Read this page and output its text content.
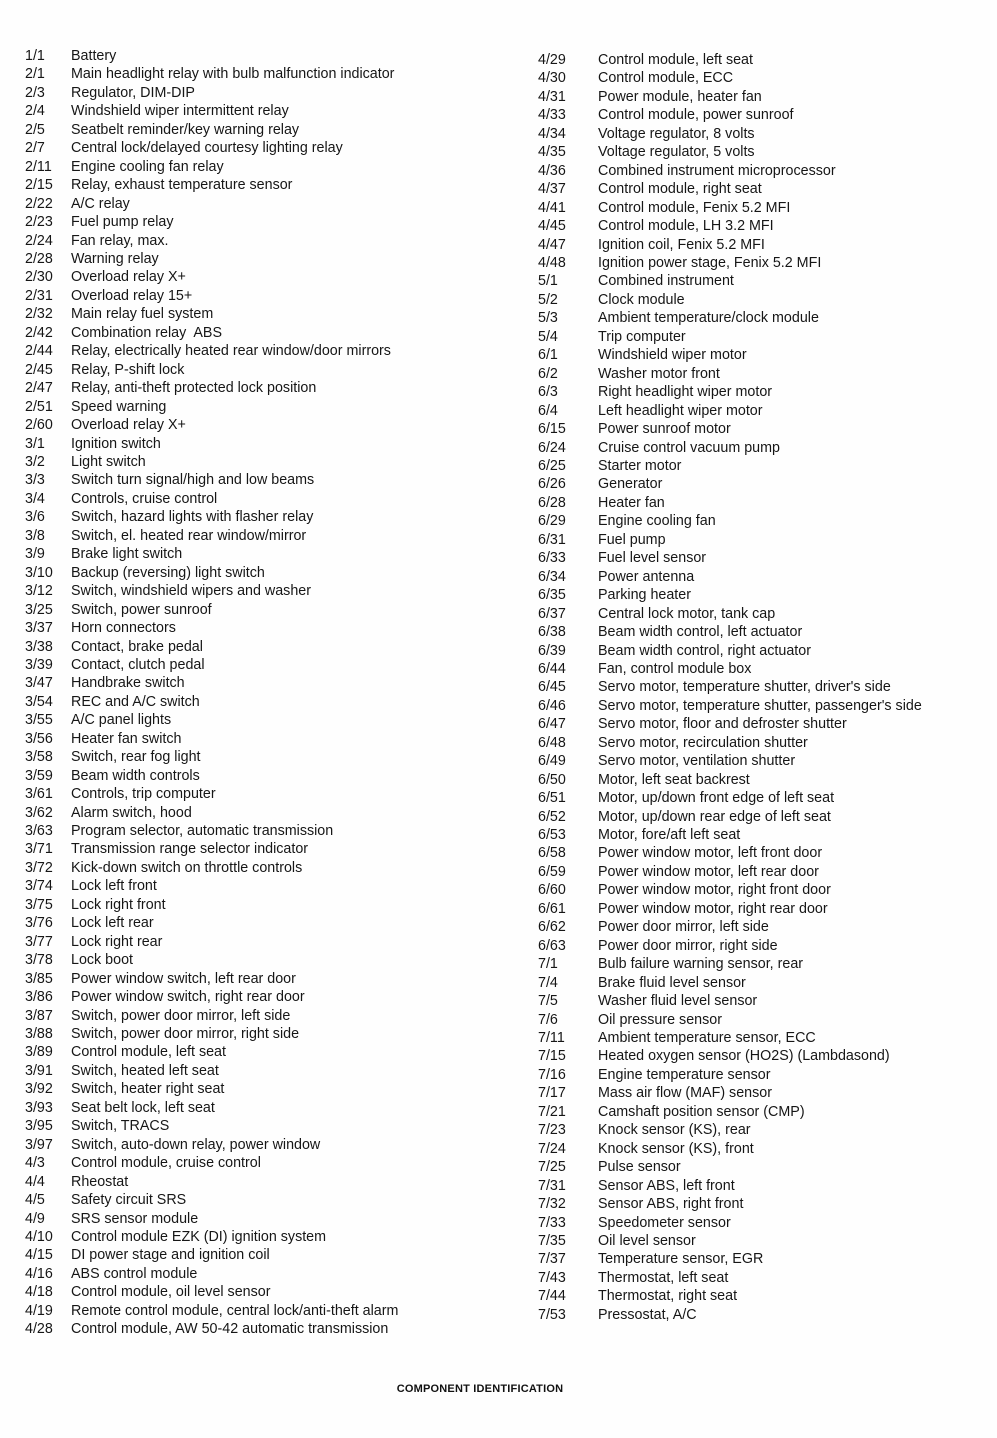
1/1	Battery
2/1	Main headlight relay with bulb malfunction indicator
2/3	Regulator, DIM-DIP
2/4	Windshield wiper intermittent relay
2/5	Seatbelt reminder/key warning relay
2/7	Central lock/delayed courtesy lighting relay
2/11	Engine cooling fan relay
2/15	Relay, exhaust temperature sensor
2/22	A/C relay
2/23	Fuel pump relay
2/24	Fan relay, max.
2/28	Warning relay
2/30	Overload relay X+
2/31	Overload relay 15+
2/32	Main relay fuel system
2/42	Combination relay  ABS
2/44	Relay, electrically heated rear window/door mirrors
2/45	Relay, P-shift lock
2/47	Relay, anti-theft protected lock position
2/51	Speed warning
2/60	Overload relay X+
3/1	Ignition switch
3/2	Light switch
3/3	Switch turn signal/high and low beams
3/4	Controls, cruise control
3/6	Switch, hazard lights with flasher relay
3/8	Switch, el. heated rear window/mirror
3/9	Brake light switch
3/10	Backup (reversing) light switch
3/12	Switch, windshield wipers and washer
3/25	Switch, power sunroof
3/37	Horn connectors
3/38	Contact, brake pedal
3/39	Contact, clutch pedal
3/47	Handbrake switch
3/54	REC and A/C switch
3/55	A/C panel lights
3/56	Heater fan switch
3/58	Switch, rear fog light
3/59	Beam width controls
3/61	Controls, trip computer
3/62	Alarm switch, hood
3/63	Program selector, automatic transmission
3/71	Transmission range selector indicator
3/72	Kick-down switch on throttle controls
3/74	Lock left front
3/75	Lock right front
3/76	Lock left rear
3/77	Lock right rear
3/78	Lock boot
3/85	Power window switch, left rear door
3/86	Power window switch, right rear door
3/87	Switch, power door mirror, left side
3/88	Switch, power door mirror, right side
3/89	Control module, left seat
3/91	Switch, heated left seat
3/92	Switch, heater right seat
3/93	Seat belt lock, left seat
3/95	Switch, TRACS
3/97	Switch, auto-down relay, power window
4/3	Control module, cruise control
4/4	Rheostat
4/5	Safety circuit SRS
4/9	SRS sensor module
4/10	Control module EZK (DI) ignition system
4/15	DI power stage and ignition coil
4/16	ABS control module
4/18	Control module, oil level sensor
4/19	Remote control module, central lock/anti-theft alarm
4/28	Control module, AW 50-42 automatic transmission
4/29	Control module, left seat
4/30	Control module, ECC
4/31	Power module, heater fan
4/33	Control module, power sunroof
4/34	Voltage regulator, 8 volts
4/35	Voltage regulator, 5 volts
4/36	Combined instrument microprocessor
4/37	Control module, right seat
4/41	Control module, Fenix 5.2 MFI
4/45	Control module, LH 3.2 MFI
4/47	Ignition coil, Fenix 5.2 MFI
4/48	Ignition power stage, Fenix 5.2 MFI
5/1	Combined instrument
5/2	Clock module
5/3	Ambient temperature/clock module
5/4	Trip computer
6/1	Windshield wiper motor
6/2	Washer motor front
6/3	Right headlight wiper motor
6/4	Left headlight wiper motor
6/15	Power sunroof motor
6/24	Cruise control vacuum pump
6/25	Starter motor
6/26	Generator
6/28	Heater fan
6/29	Engine cooling fan
6/31	Fuel pump
6/33	Fuel level sensor
6/34	Power antenna
6/35	Parking heater
6/37	Central lock motor, tank cap
6/38	Beam width control, left actuator
6/39	Beam width control, right actuator
6/44	Fan, control module box
6/45	Servo motor, temperature shutter, driver's side
6/46	Servo motor, temperature shutter, passenger's side
6/47	Servo motor, floor and defroster shutter
6/48	Servo motor, recirculation shutter
6/49	Servo motor, ventilation shutter
6/50	Motor, left seat backrest
6/51	Motor, up/down front edge of left seat
6/52	Motor, up/down rear edge of left seat
6/53	Motor, fore/aft left seat
6/58	Power window motor, left front door
6/59	Power window motor, left rear door
6/60	Power window motor, right front door
6/61	Power window motor, right rear door
6/62	Power door mirror, left side
6/63	Power door mirror, right side
7/1	Bulb failure warning sensor, rear
7/4	Brake fluid level sensor
7/5	Washer fluid level sensor
7/6	Oil pressure sensor
7/11	Ambient temperature sensor, ECC
7/15	Heated oxygen sensor (HO2S) (Lambdasond)
7/16	Engine temperature sensor
7/17	Mass air flow (MAF) sensor
7/21	Camshaft position sensor (CMP)
7/23	Knock sensor (KS), rear
7/24	Knock sensor (KS), front
7/25	Pulse sensor
7/31	Sensor ABS, left front
7/32	Sensor ABS, right front
7/33	Speedometer sensor
7/35	Oil level sensor
7/37	Temperature sensor, EGR
7/43	Thermostat, left seat
7/44	Thermostat, right seat
7/53	Pressostat, A/C
COMPONENT IDENTIFICATION
